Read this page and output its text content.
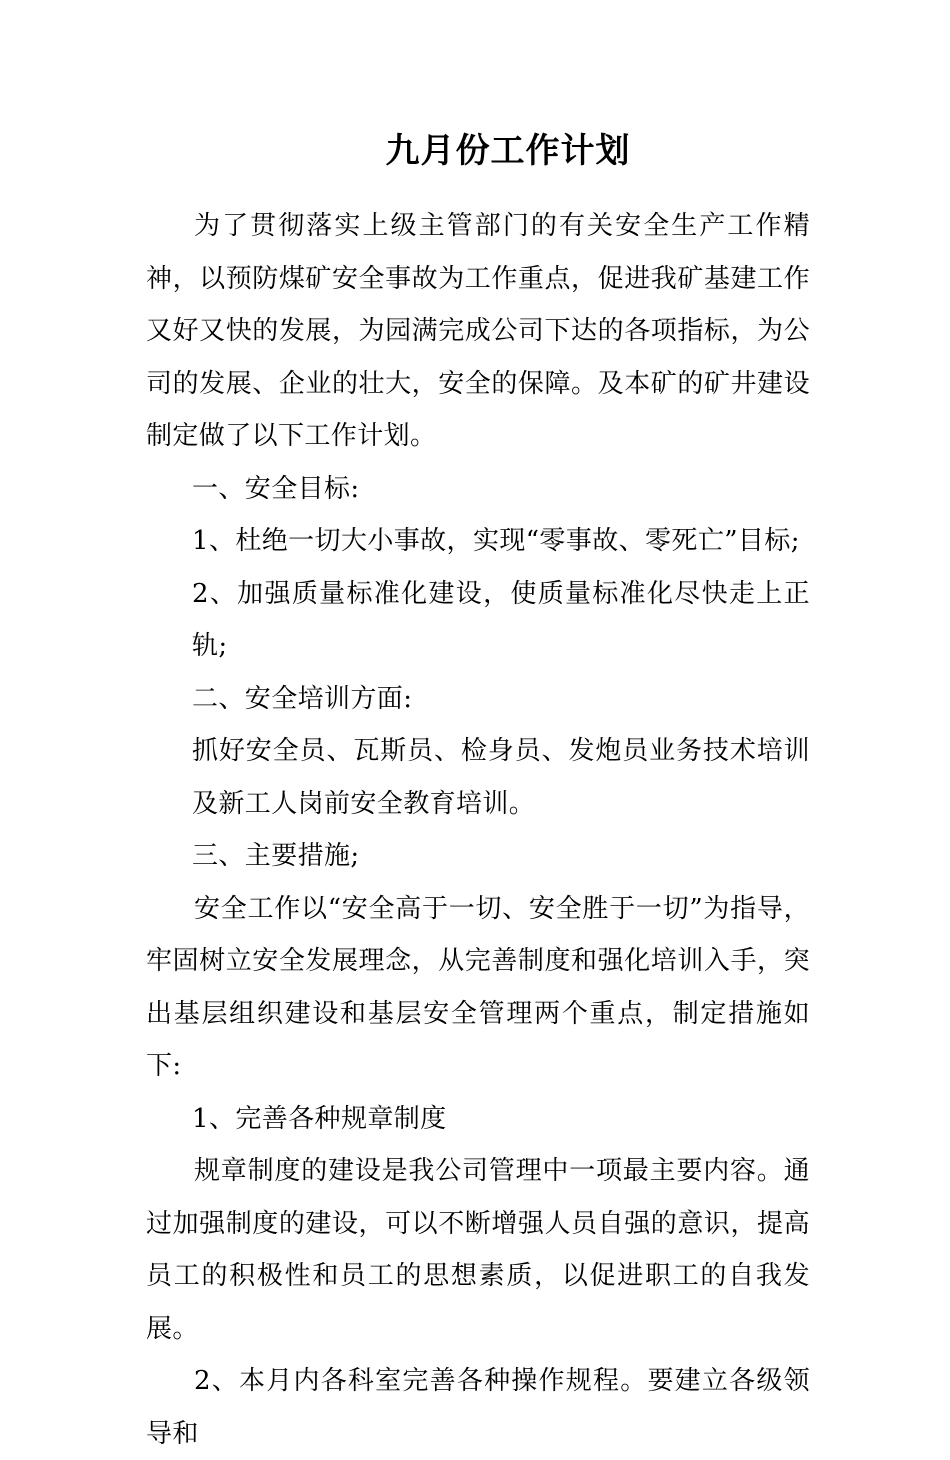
九月份工作计划

为了贯彻落实上级主管部门的有关安全生产工作精神，以预防煤矿安全事故为工作重点，促进我矿基建工作又好又快的发展，为园满完成公司下达的各项指标，为公司的发展、企业的壮大，安全的保障。及本矿的矿井建设制定做了以下工作计划。

一、安全目标:

1、杜绝一切大小事故，实现“零事故、零死亡”目标;

2、加强质量标准化建设，使质量标准化尽快走上正轨;

二、安全培训方面:

抓好安全员、瓦斯员、检身员、发炮员业务技术培训及新工人岗前安全教育培训。

三、主要措施;

安全工作以“安全高于一切、安全胜于一切”为指导，牢固树立安全发展理念，从完善制度和强化培训入手，突出基层组织建设和基层安全管理两个重点，制定措施如下:

1、完善各种规章制度

规章制度的建设是我公司管理中一项最主要内容。通过加强制度的建设，可以不断增强人员自强的意识，提高员工的积极性和员工的思想素质，以促进职工的自我发展。

2、本月内各科室完善各种操作规程。要建立各级领导和
